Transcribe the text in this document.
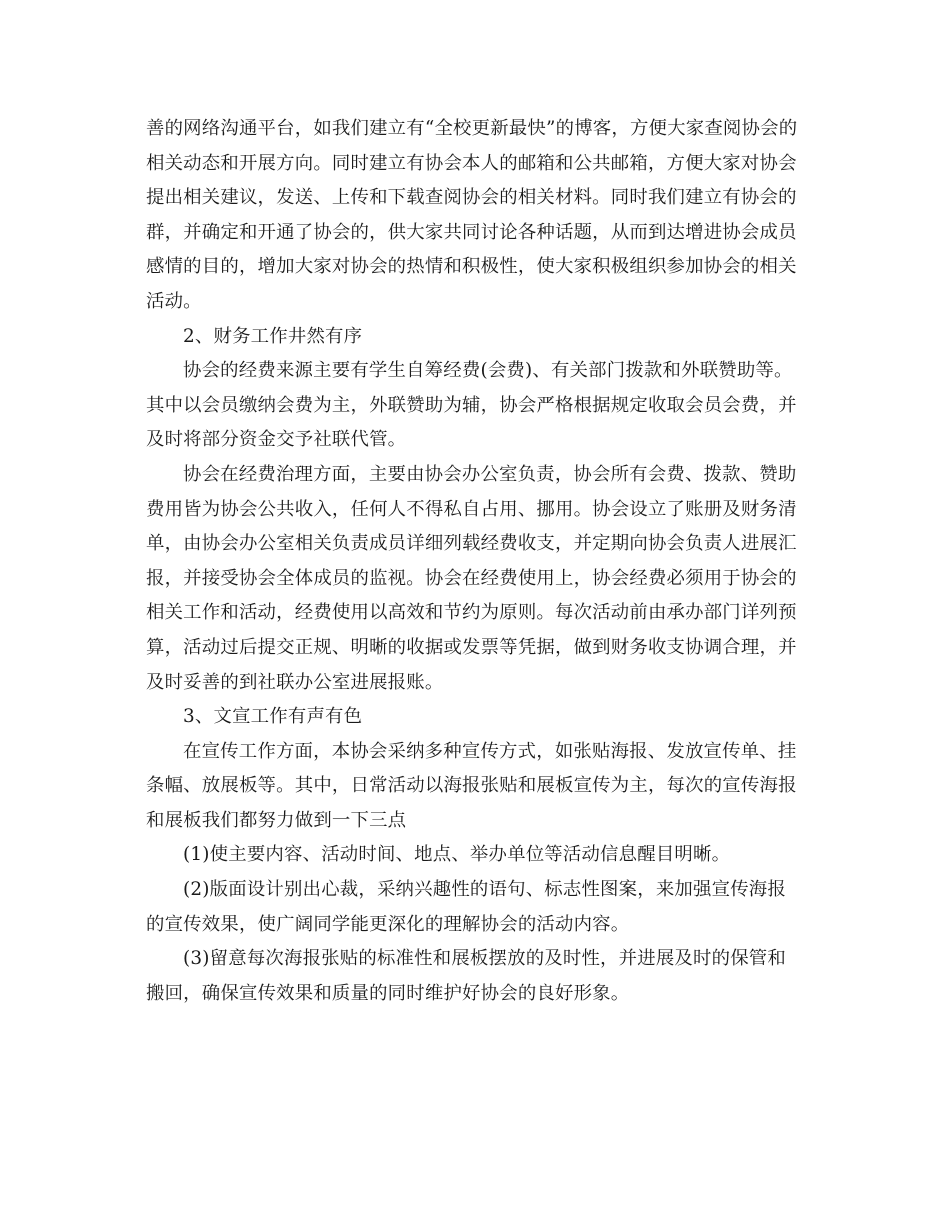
善的网络沟通平台，如我们建立有“全校更新最快”的博客，方便大家查阅协会的
相关动态和开展方向。同时建立有协会本人的邮箱和公共邮箱，方便大家对协会
提出相关建议，发送、上传和下载查阅协会的相关材料。同时我们建立有协会的
群，并确定和开通了协会的，供大家共同讨论各种话题，从而到达增进协会成员
感情的目的，增加大家对协会的热情和积极性，使大家积极组织参加协会的相关
活动。
2、财务工作井然有序
协会的经费来源主要有学生自筹经费(会费)、有关部门拨款和外联赞助等。
其中以会员缴纳会费为主，外联赞助为辅，协会严格根据规定收取会员会费，并
及时将部分资金交予社联代管。
协会在经费治理方面，主要由协会办公室负责，协会所有会费、拨款、赞助
费用皆为协会公共收入，任何人不得私自占用、挪用。协会设立了账册及财务清
单，由协会办公室相关负责成员详细列载经费收支，并定期向协会负责人进展汇
报，并接受协会全体成员的监视。协会在经费使用上，协会经费必须用于协会的
相关工作和活动，经费使用以高效和节约为原则。每次活动前由承办部门详列预
算，活动过后提交正规、明晰的收据或发票等凭据，做到财务收支协调合理，并
及时妥善的到社联办公室进展报账。
3、文宣工作有声有色
在宣传工作方面，本协会采纳多种宣传方式，如张贴海报、发放宣传单、挂
条幅、放展板等。其中，日常活动以海报张贴和展板宣传为主，每次的宣传海报
和展板我们都努力做到一下三点
(1)使主要内容、活动时间、地点、举办单位等活动信息醒目明晰。
(2)版面设计别出心裁，采纳兴趣性的语句、标志性图案，来加强宣传海报
的宣传效果，使广阔同学能更深化的理解协会的活动内容。
(3)留意每次海报张贴的标准性和展板摆放的及时性，并进展及时的保管和
搬回，确保宣传效果和质量的同时维护好协会的良好形象。
